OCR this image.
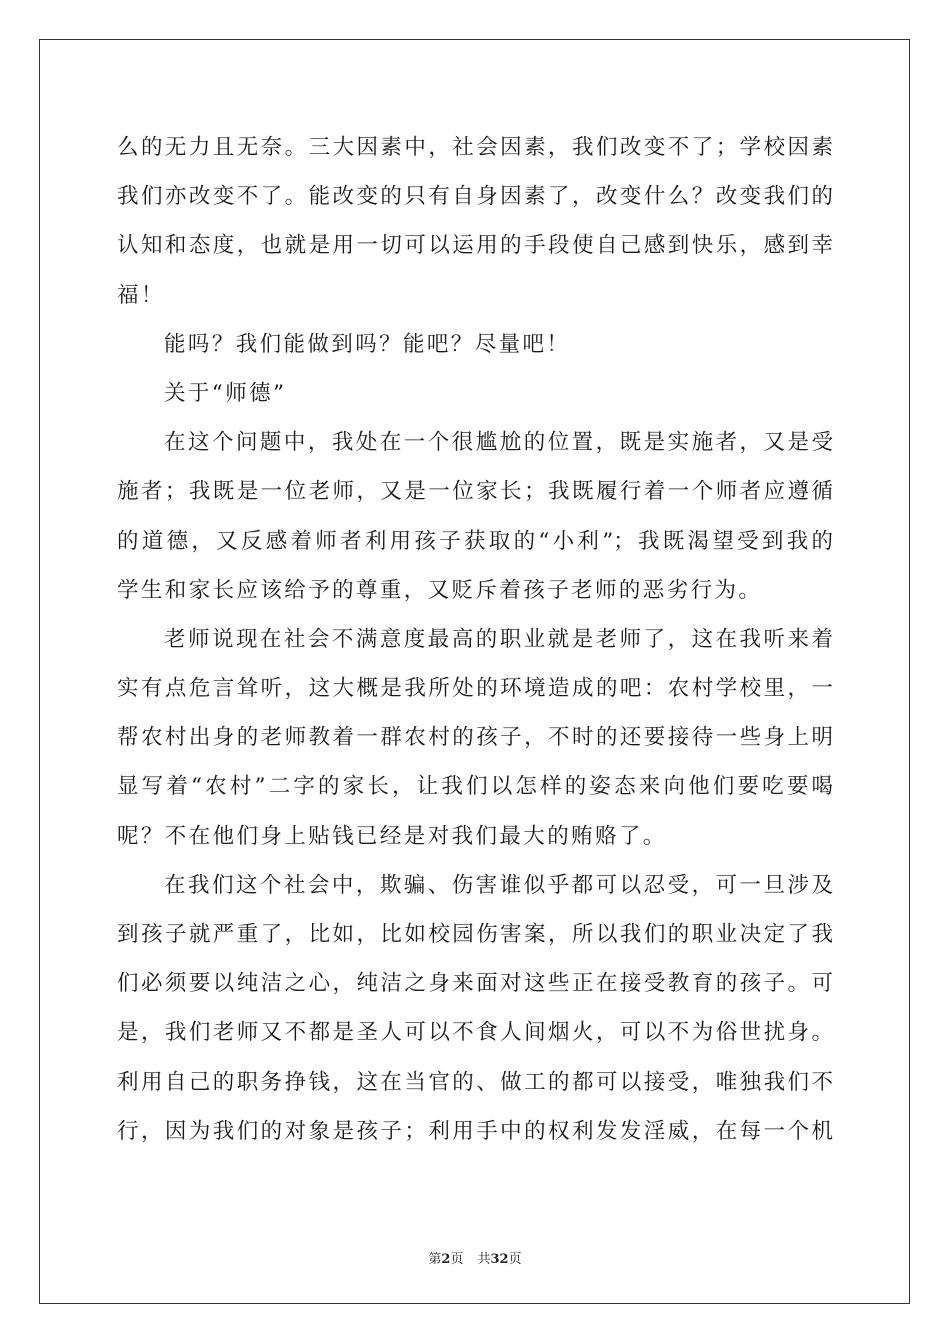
么的无力且无奈。三大因素中，社会因素，我们改变不了；学校因素
我们亦改变不了。能改变的只有自身因素了，改变什么？改变我们的
认知和态度，也就是用一切可以运用的手段使自己感到快乐，感到幸
福！
能吗？我们能做到吗？能吧？尽量吧！
关于“师德”
在这个问题中，我处在一个很尴尬的位置，既是实施者，又是受
施者；我既是一位老师，又是一位家长；我既履行着一个师者应遵循
的道德，又反感着师者利用孩子获取的“小利”；我既渴望受到我的
学生和家长应该给予的尊重，又贬斥着孩子老师的恶劣行为。
老师说现在社会不满意度最高的职业就是老师了，这在我听来着
实有点危言耸听，这大概是我所处的环境造成的吧：农村学校里，一
帮农村出身的老师教着一群农村的孩子，不时的还要接待一些身上明
显写着“农村”二字的家长，让我们以怎样的姿态来向他们要吃要喝
呢？不在他们身上贴钱已经是对我们最大的贿赂了。
在我们这个社会中，欺骗、伤害谁似乎都可以忍受，可一旦涉及
到孩子就严重了，比如，比如校园伤害案，所以我们的职业决定了我
们必须要以纯洁之心，纯洁之身来面对这些正在接受教育的孩子。可
是，我们老师又不都是圣人可以不食人间烟火，可以不为俗世扰身。
利用自己的职务挣钱，这在当官的、做工的都可以接受，唯独我们不
行，因为我们的对象是孩子；利用手中的权利发发淫威，在每一个机
第2页 共32页
